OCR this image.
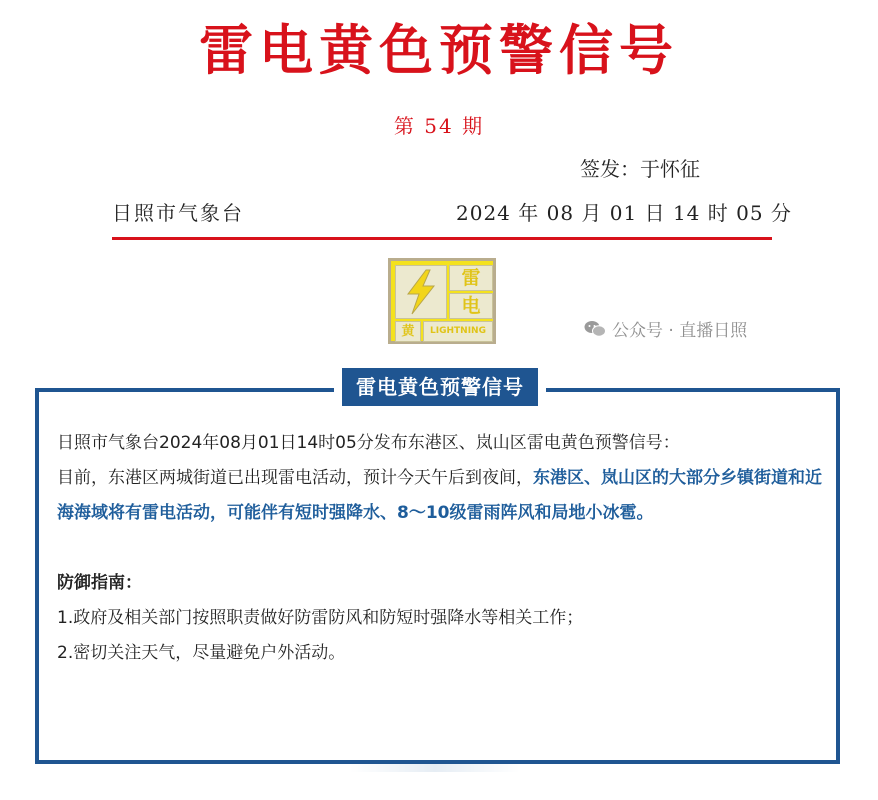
雷电黄色预警信号
第 54 期
签发：于怀征
日照市气象台	2024 年 08 月 01 日 14 时 05 分
雷
电
黄	LIGHTNING	公众号 · 直播日照
雷电黄色预警信号

日照市气象台2024年08月01日14时05分发布东港区、岚山区雷电黄色预警信号：

目前，东港区两城街道已出现雷电活动，预计今天午后到夜间，东港区、岚山区的大部分乡镇街道和近海海域将有雷电活动，可能伴有短时强降水、8～10级雷雨阵风和局地小冰雹。

防御指南：

1.政府及相关部门按照职责做好防雷防风和防短时强降水等相关工作；

2.密切关注天气，尽量避免户外活动。
